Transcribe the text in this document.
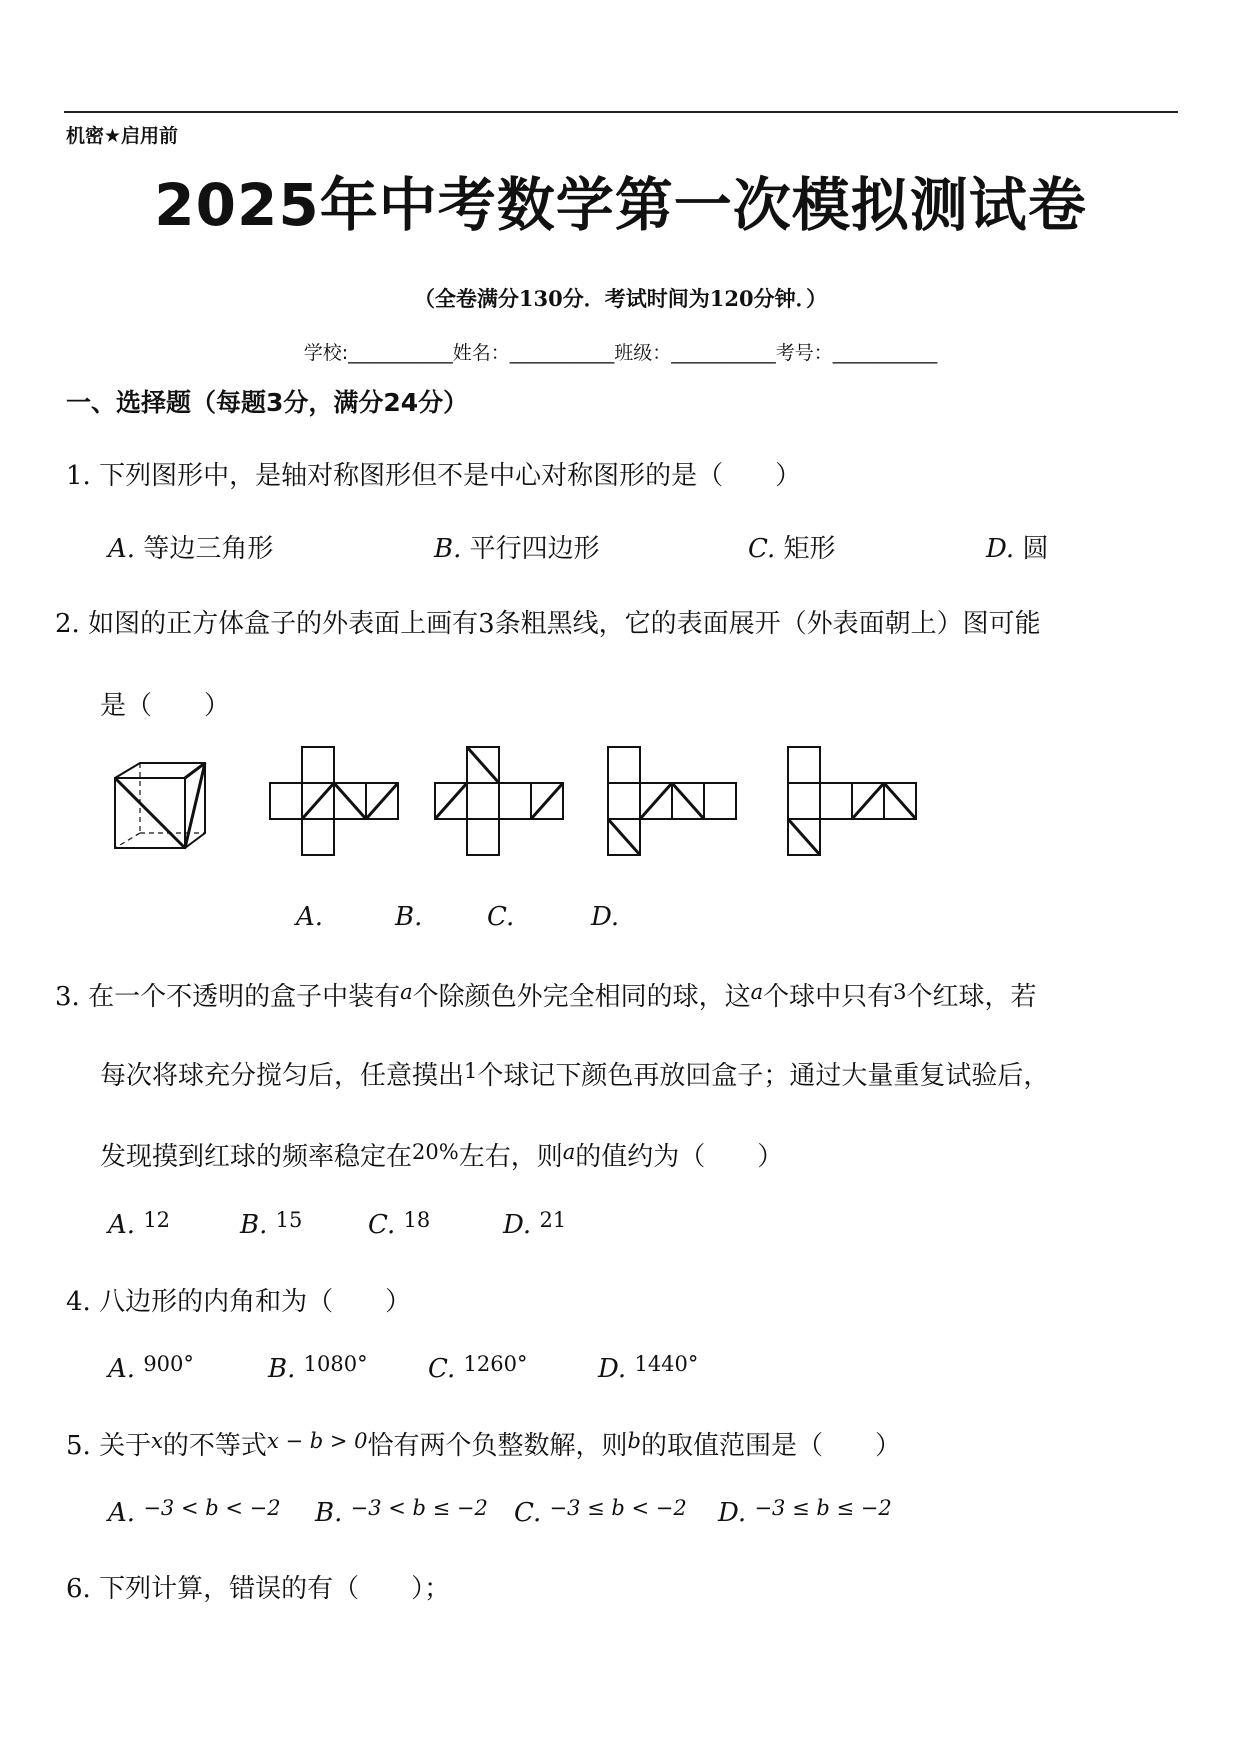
机密★启用前
2025年中考数学第一次模拟测试卷
（全卷满分130分．考试时间为120分钟．）
学校:___________姓名：___________班级：___________考号：___________
一、选择题（每题3分，满分24分）
1. 下列图形中，是轴对称图形但不是中心对称图形的是（　　）
A. 等边三角形	B. 平行四边形	C. 矩形	D. 圆
2. 如图的正方体盒子的外表面上画有3条粗黑线，它的表面展开（外表面朝上）图可能
是（　　）
A.	B. C.	D.
3. 在一个不透明的盒子中装有$^a$个除颜色外完全相同的球，这$^a$个球中只有$^3$个红球，若
每次将球充分搅匀后，任意摸出$^1$个球记下颜色再放回盒子；通过大量重复试验后，
发现摸到红球的频率稳定在$^{20\%}$左右，则$^a$的值约为（　　）
A. $^{12}$	B. $^{15}$	C. $^{18}$	D. $^{21}$
4. 八边形的内角和为（　　）
A. $^{900^\circ}$	B. $^{1080^\circ}$ C. $^{1260^\circ}$	D. $^{1440^\circ}$
5. 关于$^x$的不等式$^{x - b > 0}$恰有两个负整数解，则$^b$的取值范围是（　　）
A. $^{-3 < b < -2}$ B. $^{-3 < b \le -2}$ C. $^{-3 \le b < -2}$ D. $^{-3 \le b \le -2}$
6. 下列计算，错误的有（　　）；
